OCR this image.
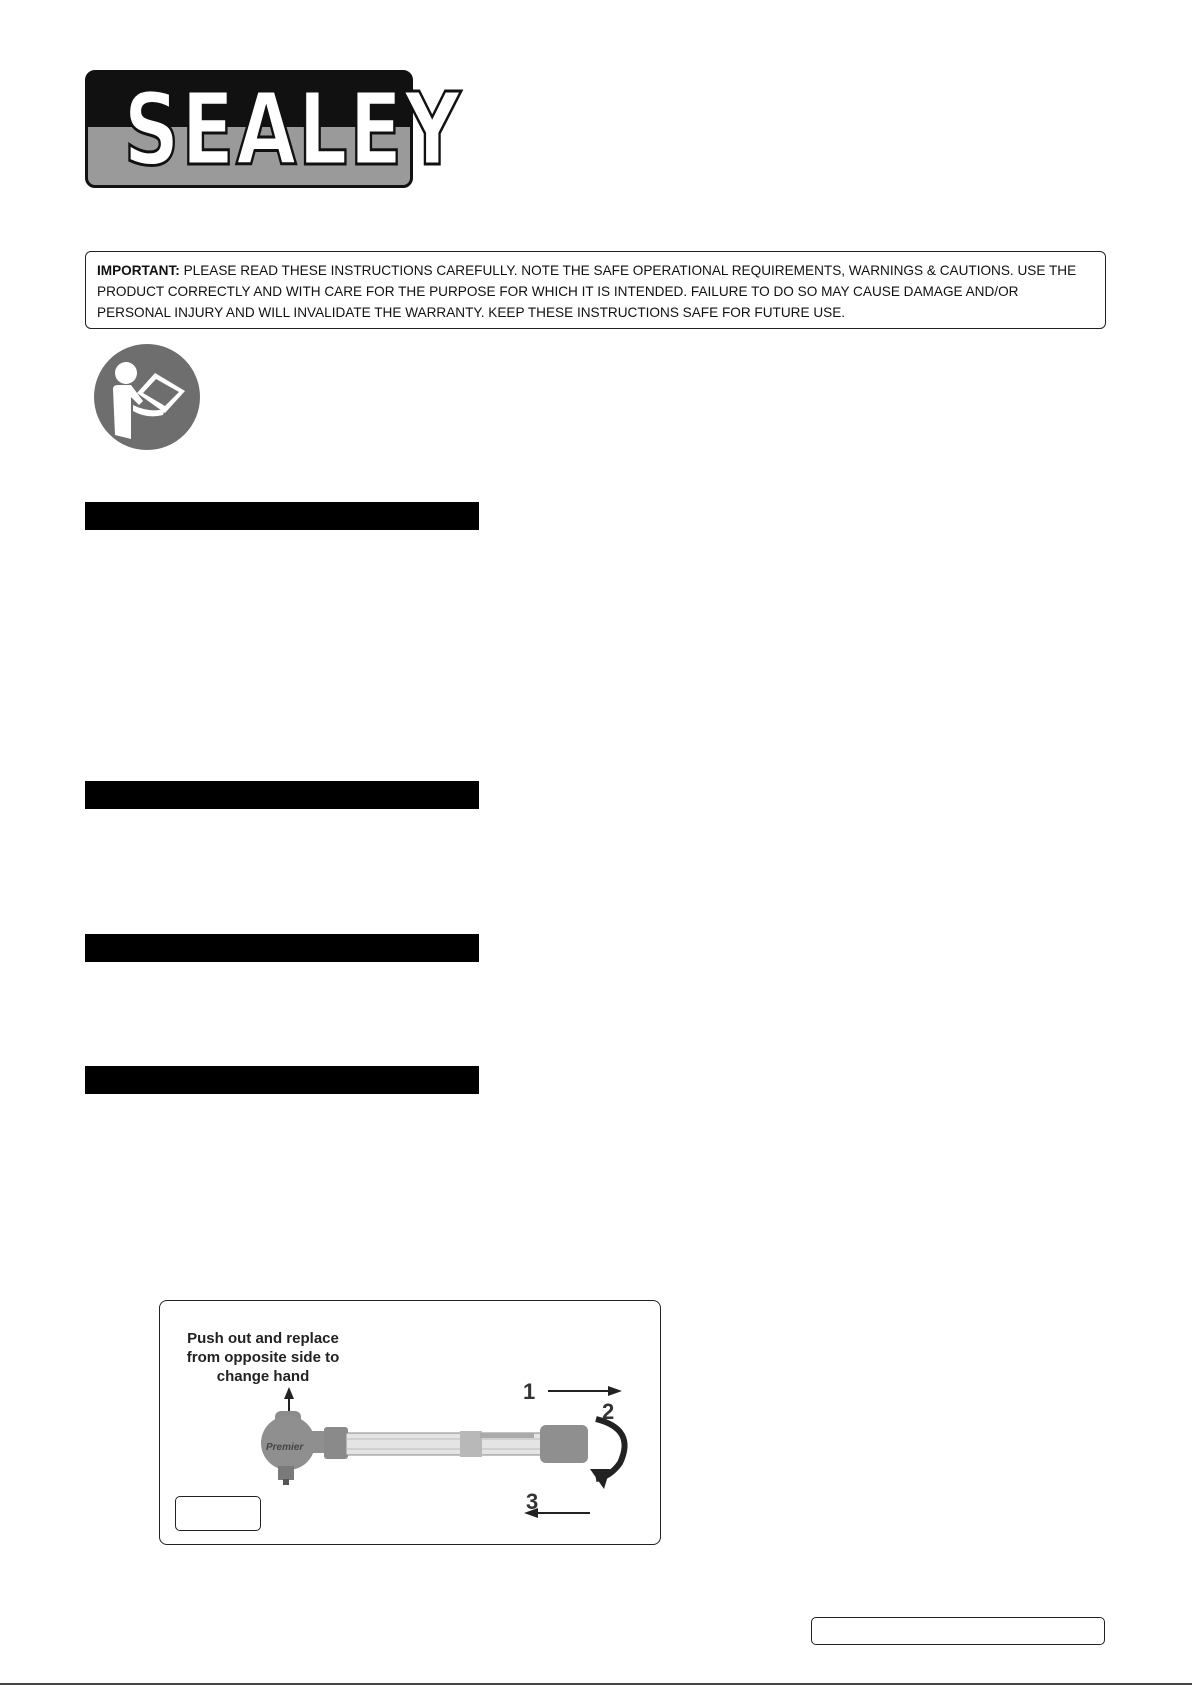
SEALEY
IMPORTANT: PLEASE READ THESE INSTRUCTIONS CAREFULLY. NOTE THE SAFE OPERATIONAL REQUIREMENTS, WARNINGS & CAUTIONS. USE THE PRODUCT CORRECTLY AND WITH CARE FOR THE PURPOSE FOR WHICH IT IS INTENDED. FAILURE TO DO SO MAY CAUSE DAMAGE AND/OR PERSONAL INJURY AND WILL INVALIDATE THE WARRANTY. KEEP THESE INSTRUCTIONS SAFE FOR FUTURE USE.
Push out and replace from opposite side to change hand
Premier
1
2
3
